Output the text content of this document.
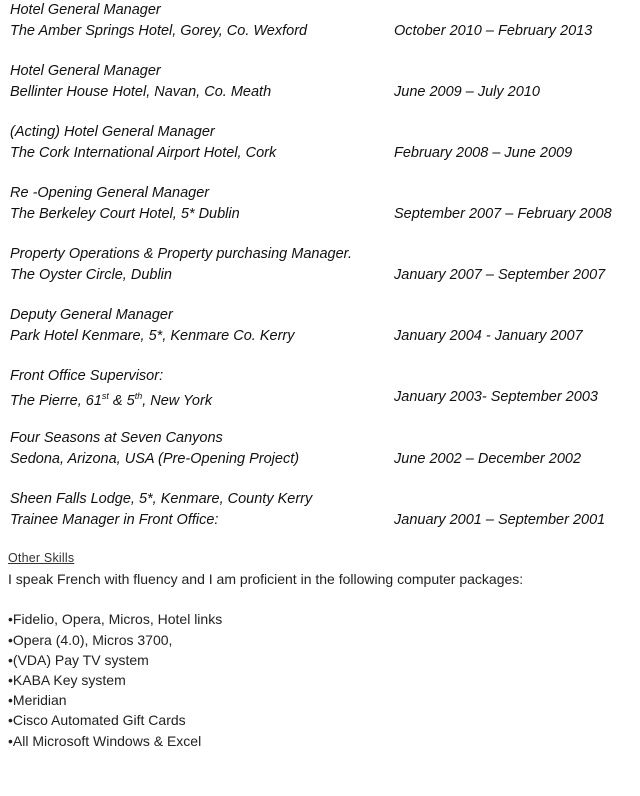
Hotel General Manager
The Amber Springs Hotel, Gorey, Co. Wexford	October 2010 – February 2013
Hotel General Manager
Bellinter House Hotel, Navan, Co. Meath	June 2009 – July 2010
(Acting) Hotel General Manager
The Cork International Airport Hotel, Cork	February 2008 – June 2009
Re -Opening General Manager
The Berkeley Court Hotel, 5* Dublin	September 2007 – February 2008
Property Operations & Property purchasing Manager.
The Oyster Circle, Dublin	January 2007 – September 2007
Deputy General Manager
Park Hotel Kenmare, 5*, Kenmare Co. Kerry	January 2004 - January 2007
Front Office Supervisor:
The Pierre, 61st & 5th, New York	January 2003- September 2003
Four Seasons at Seven Canyons
Sedona, Arizona, USA (Pre-Opening Project)	June 2002 – December 2002
Sheen Falls Lodge, 5*, Kenmare, County Kerry
Trainee Manager in Front Office:	January 2001 – September 2001
Other Skills
I speak French with fluency and I am proficient in the following computer packages:
• Fidelio, Opera, Micros, Hotel links
• Opera (4.0), Micros 3700,
• (VDA) Pay TV system
• KABA Key system
• Meridian
• Cisco Automated Gift Cards
• All Microsoft Windows & Excel
